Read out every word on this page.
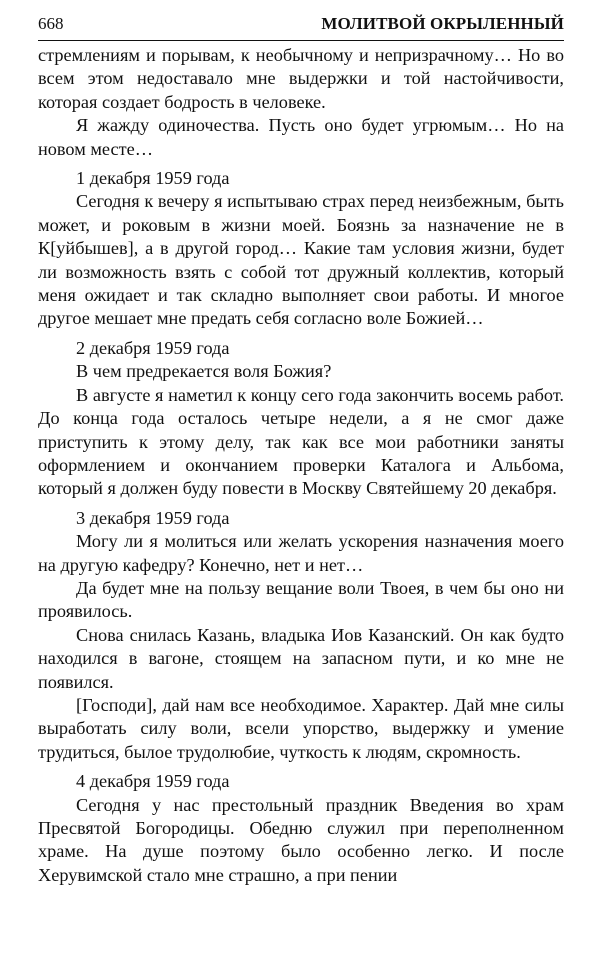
668	МОЛИТВОЙ ОКРЫЛЕННЫЙ

стремлениям и порывам, к необычному и непризрачному… Но во всем этом недоставало мне выдержки и той настойчивости, которая создает бодрость в человеке.

Я жажду одиночества. Пусть оно будет угрюмым… Но на новом месте…

1 декабря 1959 года

Сегодня к вечеру я испытываю страх перед неизбежным, быть может, и роковым в жизни моей. Боязнь за назначение не в К[уйбышев], а в другой город… Какие там условия жизни, будет ли возможность взять с собой тот дружный коллектив, который меня ожидает и так складно выполняет свои работы. И многое другое мешает мне предать себя согласно воле Божией…

2 декабря 1959 года

В чем предрекается воля Божия?

В августе я наметил к концу сего года закончить восемь работ. До конца года осталось четыре недели, а я не смог даже приступить к этому делу, так как все мои работники заняты оформлением и окончанием проверки Каталога и Альбома, который я должен буду повести в Москву Святейшему 20 декабря.

3 декабря 1959 года

Могу ли я молиться или желать ускорения назначения моего на другую кафедру? Конечно, нет и нет…

Да будет мне на пользу вещание воли Твоея, в чем бы оно ни проявилось.

Снова снилась Казань, владыка Иов Казанский. Он как будто находился в вагоне, стоящем на запасном пути, и ко мне не появился.

[Господи], дай нам все необходимое. Характер. Дай мне силы выработать силу воли, всели упорство, выдержку и умение трудиться, былое трудолюбие, чуткость к людям, скромность.

4 декабря 1959 года

Сегодня у нас престольный праздник Введения во храм Пресвятой Богородицы. Обедню служил при переполненном храме. На душе поэтому было особенно легко. И после Херувимской стало мне страшно, а при пении
